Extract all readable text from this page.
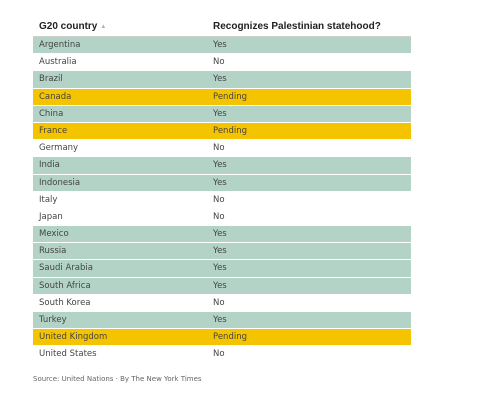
G20 country ▲	Recognizes Palestinian statehood?
Argentina	Yes
Australia	No
Brazil	Yes
Canada	Pending
China	Yes
France	Pending
Germany	No
India	Yes
Indonesia	Yes
Italy	No
Japan	No
Mexico	Yes
Russia	Yes
Saudi Arabia	Yes
South Africa	Yes
South Korea	No
Turkey	Yes
United Kingdom	Pending
United States	No
Source: United Nations · By The New York Times
